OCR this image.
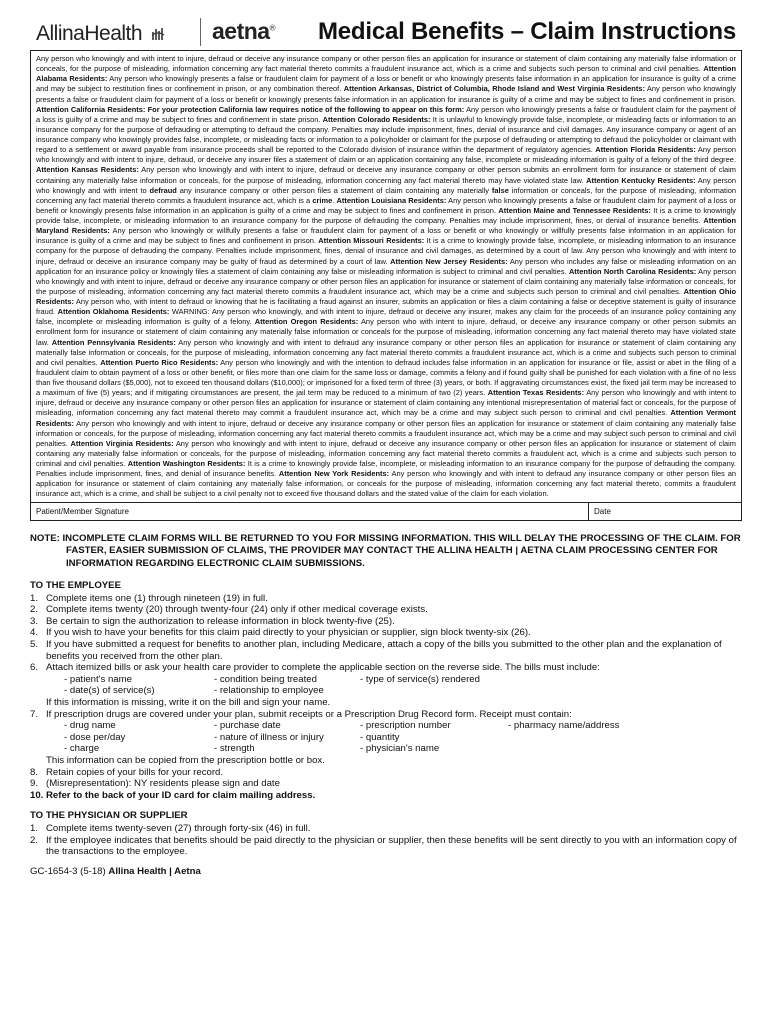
AllinaHealth	aetna® Medical Benefits – Claim Instructions
Any person who knowingly and with intent to injure, defraud or deceive any insurance company or other person files an application for insurance or statement of claim containing any materially false information or conceals, for the purpose of misleading, information concerning any fact material thereto commits a fraudulent insurance act, which is a crime and subjects such person to criminal and civil penalties. Attention Alabama Residents: Any person who knowingly presents a false or fraudulent claim for payment of a loss or benefit or who knowingly presents false information in an application for insurance is guilty of a crime and may be subject to restitution fines or confinement in prison, or any combination thereof. Attention Arkansas, District of Columbia, Rhode Island and West Virginia Residents: Any person who knowingly presents a false or fraudulent claim for payment of a loss or benefit or knowingly presents false information in an application for insurance is guilty of a crime and may be subject to fines and confinement in prison. Attention California Residents: For your protection California law requires notice of the following to appear on this form: Any person who knowingly presents a false or fraudulent claim for the payment of a loss is guilty of a crime and may be subject to fines and confinement in state prison. Attention Colorado Residents: It is unlawful to knowingly provide false, incomplete, or misleading facts or information to an insurance company for the purpose of defrauding or attempting to defraud the company. Penalties may include imprisonment, fines, denial of insurance and civil damages. Any insurance company or agent of an insurance company who knowingly provides false, incomplete, or misleading facts or information to a policyholder or claimant for the purpose of defrauding or attempting to defraud the policyholder or claimant with regard to a settlement or award payable from insurance proceeds shall be reported to the Colorado division of insurance within the department of regulatory agencies. Attention Florida Residents: Any person who knowingly and with intent to injure, defraud, or deceive any insurer files a statement of claim or an application containing any false, incomplete or misleading information is guilty of a felony of the third degree. Attention Kansas Residents: Any person who knowingly and with intent to injure, defraud or deceive any insurance company or other person submits an enrollment form for insurance or statement of claim containing any materially false information or conceals, for the purpose of misleading, information concerning any fact material thereto may have violated state law. Attention Kentucky Residents: Any person who knowingly and with intent to defraud any insurance company or other person files a statement of claim containing any materially false information or conceals, for the purpose of misleading, information concerning any fact material thereto commits a fraudulent insurance act, which is a crime. Attention Louisiana Residents: Any person who knowingly presents a false or fraudulent claim for payment of a loss or benefit or knowingly presents false information in an application is guilty of a crime and may be subject to fines and confinement in prison. Attention Maine and Tennessee Residents: It is a crime to knowingly provide false, incomplete, or misleading information to an insurance company for the purpose of defrauding the company. Penalties may include imprisonment, fines, or denial of insurance benefits. Attention Maryland Residents: Any person who knowingly or willfully presents a false or fraudulent claim for payment of a loss or benefit or who knowingly or willfully presents false information in an application for insurance is guilty of a crime and may be subject to fines and confinement in prison. Attention Missouri Residents: It is a crime to knowingly provide false, incomplete, or misleading information to an insurance company for the purpose of defrauding the company. Penalties include imprisonment, fines, denial of insurance and civil damages, as determined by a court of law. Any person who knowingly and with intent to injure, defraud or deceive an insurance company may be guilty of fraud as determined by a court of law. Attention New Jersey Residents: Any person who includes any false or misleading information on an application for an insurance policy or knowingly files a statement of claim containing any false or misleading information is subject to criminal and civil penalties. Attention North Carolina Residents: Any person who knowingly and with intent to injure, defraud or deceive any insurance company or other person files an application for insurance or statement of claim containing any materially false information or conceals, for the purpose of misleading, information concerning any fact material thereto commits a fraudulent insurance act, which may be a crime and subjects such person to criminal and civil penalties. Attention Ohio Residents: Any person who, with intent to defraud or knowing that he is facilitating a fraud against an insurer, submits an application or files a claim containing a false or deceptive statement is guilty of insurance fraud. Attention Oklahoma Residents: WARNING: Any person who knowingly, and with intent to injure, defraud or deceive any insurer, makes any claim for the proceeds of an insurance policy containing any false, incomplete or misleading information is guilty of a felony. Attention Oregon Residents: Any person who with intent to injure, defraud, or deceive any insurance company or other person submits an enrollment form for insurance or statement of claim containing any materially false information or conceals for the purpose of misleading, information concerning any fact material thereto may have violated state law. Attention Pennsylvania Residents: Any person who knowingly and with intent to defraud any insurance company or other person files an application for insurance or statement of claim containing any materially false information or conceals, for the purpose of misleading, information concerning any fact material thereto commits a fraudulent insurance act, which is a crime and subjects such person to criminal and civil penalties. Attention Puerto Rico Residents: Any person who knowingly and with the intention to defraud includes false information in an application for insurance or file, assist or abet in the filing of a fraudulent claim to obtain payment of a loss or other benefit, or files more than one claim for the same loss or damage, commits a felony and if found guilty shall be punished for each violation with a fine of no less than five thousand dollars ($5,000), not to exceed ten thousand dollars ($10,000); or imprisoned for a fixed term of three (3) years, or both. If aggravating circumstances exist, the fixed jail term may be increased to a maximum of five (5) years; and if mitigating circumstances are present, the jail term may be reduced to a minimum of two (2) years. Attention Texas Residents: Any person who knowingly and with intent to injure, defraud or deceive any insurance company or other person files an application for insurance or statement of claim containing any intentional misrepresentation of material fact or conceals, for the purpose of misleading, information concerning any fact material thereto may commit a fraudulent insurance act, which may be a crime and may subject such person to criminal and civil penalties. Attention Vermont Residents: Any person who knowingly and with intent to injure, defraud or deceive any insurance company or other person files an application for insurance or statement of claim containing any materially false information or conceals, for the purpose of misleading, information concerning any fact material thereto commits a fraudulent insurance act, which may be a crime and may subject such person to criminal and civil penalties. Attention Virginia Residents: Any person who knowingly and with intent to injure, defraud or deceive any insurance company or other person files an application for insurance or statement of claim containing any materially false information or conceals, for the purpose of misleading, information concerning any fact material thereto commits a fraudulent act, which is a crime and subjects such person to criminal and civil penalties. Attention Washington Residents: It is a crime to knowingly provide false, incomplete, or misleading information to an insurance company for the purpose of defrauding the company. Penalties include imprisonment, fines, and denial of insurance benefits. Attention New York Residents: Any person who knowingly and with intent to defraud any insurance company or other person files an application for insurance or statement of claim containing any materially false information, or conceals for the purpose of misleading, information concerning any fact material thereto, commits a fraudulent insurance act, which is a crime, and shall be subject to a civil penalty not to exceed five thousand dollars and the stated value of the claim for each violation.
Patient/Member Signature	Date
NOTE: INCOMPLETE CLAIM FORMS WILL BE RETURNED TO YOU FOR MISSING INFORMATION. THIS WILL DELAY THE PROCESSING OF THE CLAIM. FOR FASTER, EASIER SUBMISSION OF CLAIMS, THE PROVIDER MAY CONTACT THE ALLINA HEALTH | AETNA CLAIM PROCESSING CENTER FOR INFORMATION REGARDING ELECTRONIC CLAIM SUBMISSIONS.
TO THE EMPLOYEE
1. Complete items one (1) through nineteen (19) in full.
2. Complete items twenty (20) through twenty-four (24) only if other medical coverage exists.
3. Be certain to sign the authorization to release information in block twenty-five (25).
4. If you wish to have your benefits for this claim paid directly to your physician or supplier, sign block twenty-six (26).
5. If you have submitted a request for benefits to another plan, including Medicare, attach a copy of the bills you submitted to the other plan and the explanation of benefits you received from the other plan.
6. Attach itemized bills or ask your health care provider to complete the applicable section on the reverse side. The bills must include:
- patient's name	- condition being treated	- type of service(s) rendered
- date(s) of service(s)	- relationship to employee
If this information is missing, write it on the bill and sign your name.
7. If prescription drugs are covered under your plan, submit receipts or a Prescription Drug Record form. Receipt must contain:
- drug name	- purchase date	- prescription number	- pharmacy name/address
- dose per/day	- nature of illness or injury	- quantity
- charge	- strength	- physician's name
This information can be copied from the prescription bottle or box.
8. Retain copies of your bills for your record.
9. (Misrepresentation): NY residents please sign and date
10. Refer to the back of your ID card for claim mailing address.
TO THE PHYSICIAN OR SUPPLIER
1. Complete items twenty-seven (27) through forty-six (46) in full.
2. If the employee indicates that benefits should be paid directly to the physician or supplier, then these benefits will be sent directly to you with an information copy of the transactions to the employee.
GC-1654-3 (5-18) Allina Health | Aetna
